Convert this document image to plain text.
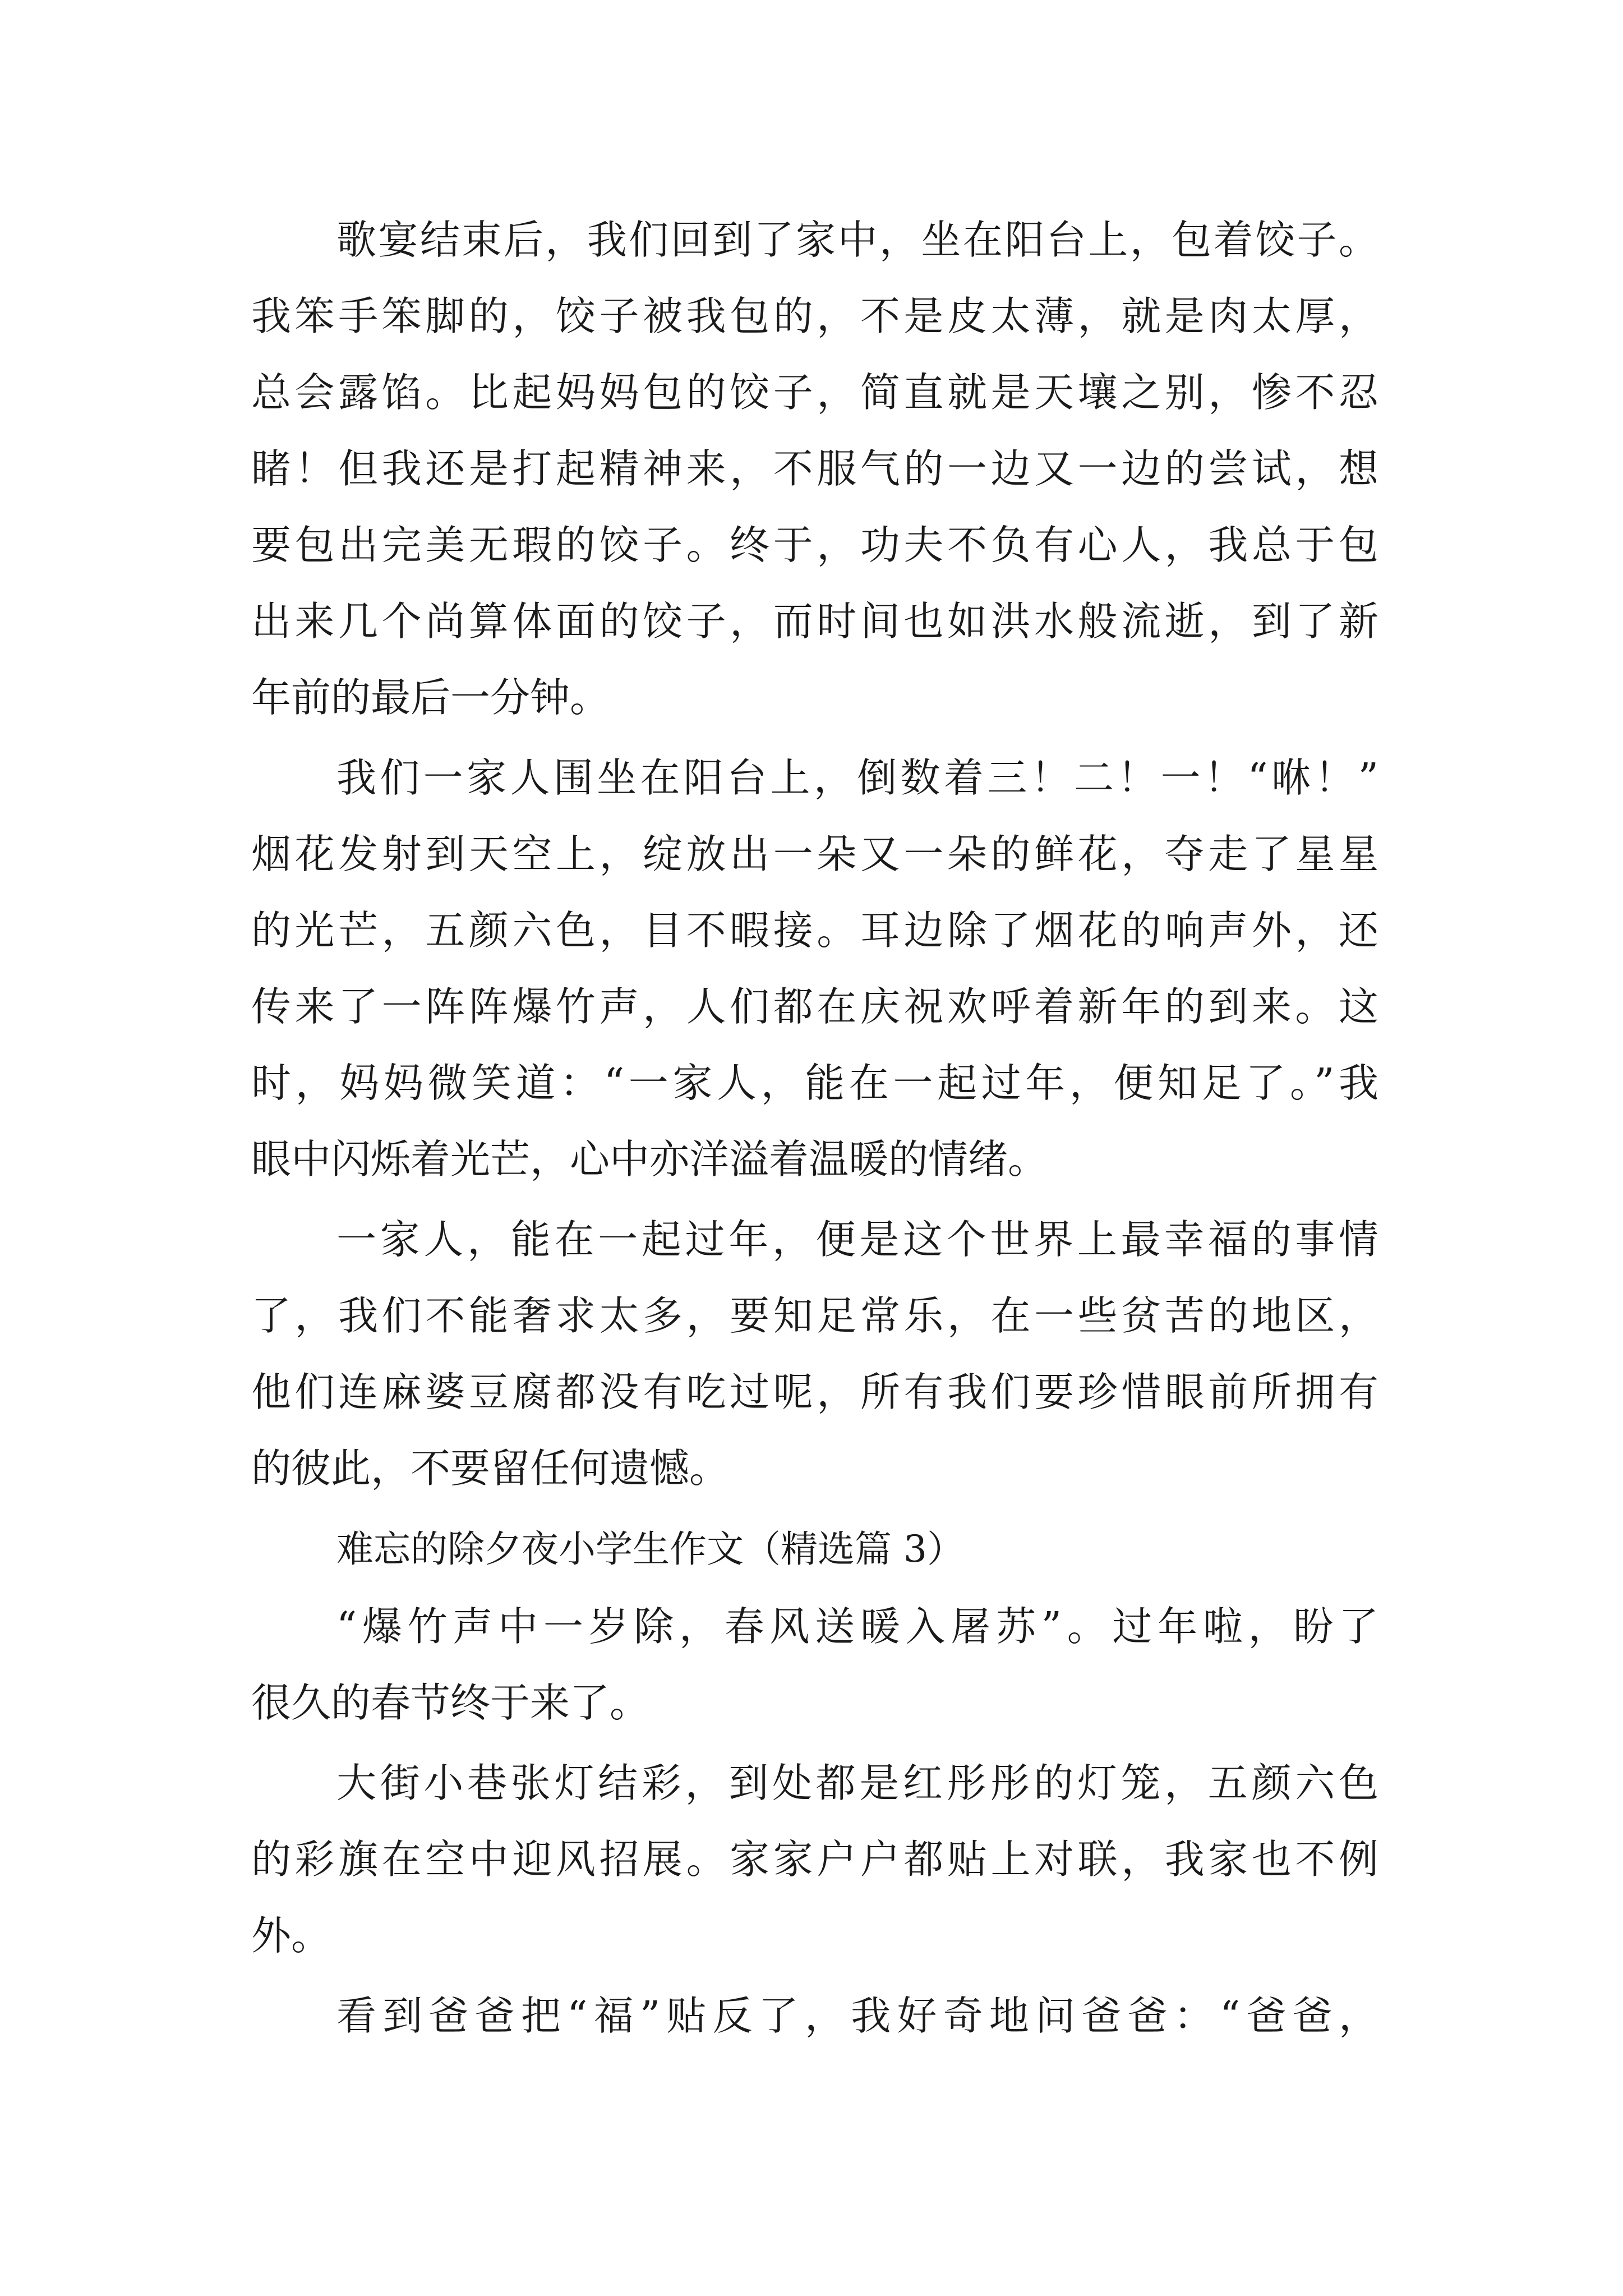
歌宴结束后，我们回到了家中，坐在阳台上，包着饺子。
我笨手笨脚的，饺子被我包的，不是皮太薄，就是肉太厚，
总会露馅。比起妈妈包的饺子，简直就是天壤之别，惨不忍
睹！但我还是打起精神来，不服气的一边又一边的尝试，想
要包出完美无瑕的饺子。终于，功夫不负有心人，我总于包
出来几个尚算体面的饺子，而时间也如洪水般流逝，到了新
年前的最后一分钟。
我们一家人围坐在阳台上，倒数着三！二！一！“咻！”
烟花发射到天空上，绽放出一朵又一朵的鲜花，夺走了星星
的光芒，五颜六色，目不暇接。耳边除了烟花的响声外，还
传来了一阵阵爆竹声，人们都在庆祝欢呼着新年的到来。这
时，妈妈微笑道：“一家人，能在一起过年，便知足了。”我
眼中闪烁着光芒，心中亦洋溢着温暖的情绪。
一家人，能在一起过年，便是这个世界上最幸福的事情
了，我们不能奢求太多，要知足常乐，在一些贫苦的地区，
他们连麻婆豆腐都没有吃过呢，所有我们要珍惜眼前所拥有
的彼此，不要留任何遗憾。
难忘的除夕夜小学生作文（精选篇 3）
“爆竹声中一岁除，春风送暖入屠苏”。过年啦，盼了
很久的春节终于来了。
大街小巷张灯结彩，到处都是红彤彤的灯笼，五颜六色
的彩旗在空中迎风招展。家家户户都贴上对联，我家也不例
外。
看到爸爸把“福”贴反了，我好奇地问爸爸：“爸爸，
